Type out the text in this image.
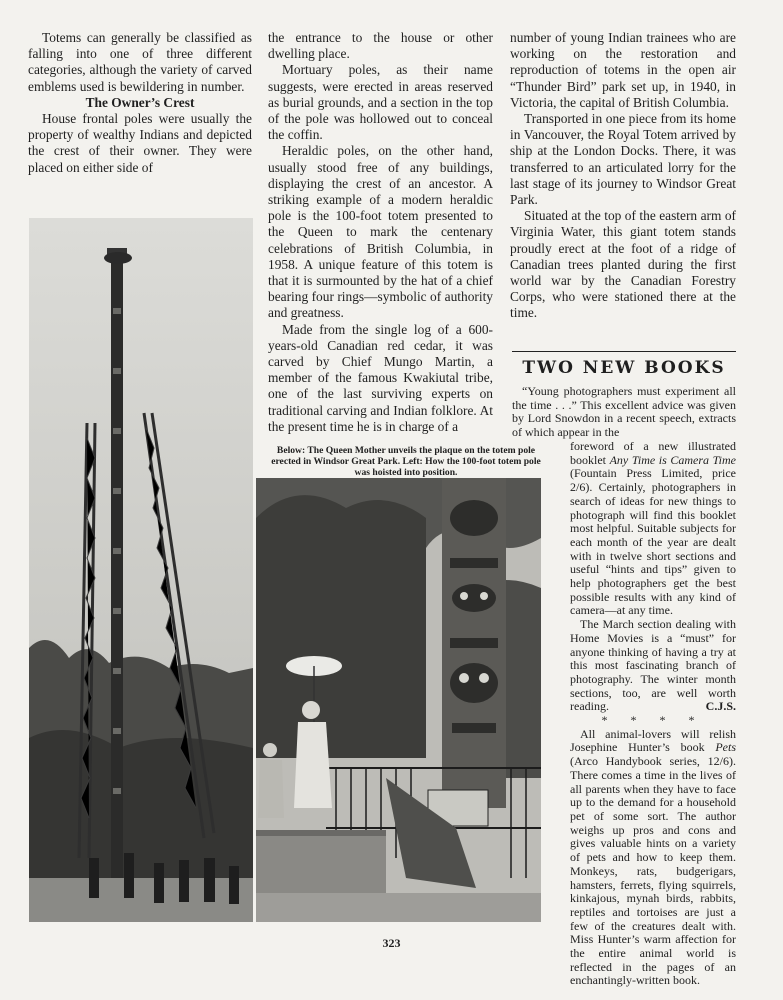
Totems can generally be classified as falling into one of three different categories, although the variety of carved emblems used is bewildering in number.

The Owner’s Crest

House frontal poles were usually the property of wealthy Indians and depicted the crest of their owner. They were placed on either side of

the entrance to the house or other dwelling place.

Mortuary poles, as their name suggests, were erected in areas reserved as burial grounds, and a section in the top of the pole was hollowed out to conceal the coffin.

Heraldic poles, on the other hand, usually stood free of any buildings, displaying the crest of an ancestor. A striking example of a modern heraldic pole is the 100-foot totem presented to the Queen to mark the centenary celebrations of British Columbia, in 1958. A unique feature of this totem is that it is surmounted by the hat of a chief bearing four rings—symbolic of authority and greatness.

Made from the single log of a 600-years-old Canadian red cedar, it was carved by Chief Mungo Martin, a member of the famous Kwakiutal tribe, one of the last surviving experts on traditional carving and Indian folklore. At the present time he is in charge of a

Below: The Queen Mother unveils the plaque on the totem pole erected in Windsor Great Park. Left: How the 100-foot totem pole was hoisted into position.

number of young Indian trainees who are working on the restoration and reproduction of totems in the open air “Thunder Bird” park set up, in 1940, in Victoria, the capital of British Columbia.

Transported in one piece from its home in Vancouver, the Royal Totem arrived by ship at the London Docks. There, it was transferred to an articulated lorry for the last stage of its journey to Windsor Great Park.

Situated at the top of the eastern arm of Virginia Water, this giant totem stands proudly erect at the foot of a ridge of Canadian trees planted during the first world war by the Canadian Forestry Corps, who were stationed there at the time.

TWO NEW BOOKS

“Young photographers must experiment all the time . . .” This excellent advice was given by Lord Snowdon in a recent speech, extracts of which appear in the

foreword of a new illustrated booklet Any Time is Camera Time (Fountain Press Limited, price 2/6). Certainly, photographers in search of ideas for new things to photograph will find this booklet most helpful. Suitable subjects for each month of the year are dealt with in twelve short sections and useful “hints and tips” given to help photographers get the best possible results with any kind of camera—at any time.

The March section dealing with Home Movies is a “must” for anyone thinking of having a try at this most fascinating branch of photography. The winter month sections, too, are well worth reading.	C.J.S.

* * * *

All animal-lovers will relish Josephine Hunter’s book Pets (Arco Handybook series, 12/6). There comes a time in the lives of all parents when they have to face up to the demand for a household pet of some sort. The author weighs up pros and cons and gives valuable hints on a variety of pets and how to keep them. Monkeys, rats, budgerigars, hamsters, ferrets, flying squirrels, kinkajous, mynah birds, rabbits, reptiles and tortoises are just a few of the creatures dealt with. Miss Hunter’s warm affection for the entire animal world is reflected in the pages of an enchantingly-written book.

323
